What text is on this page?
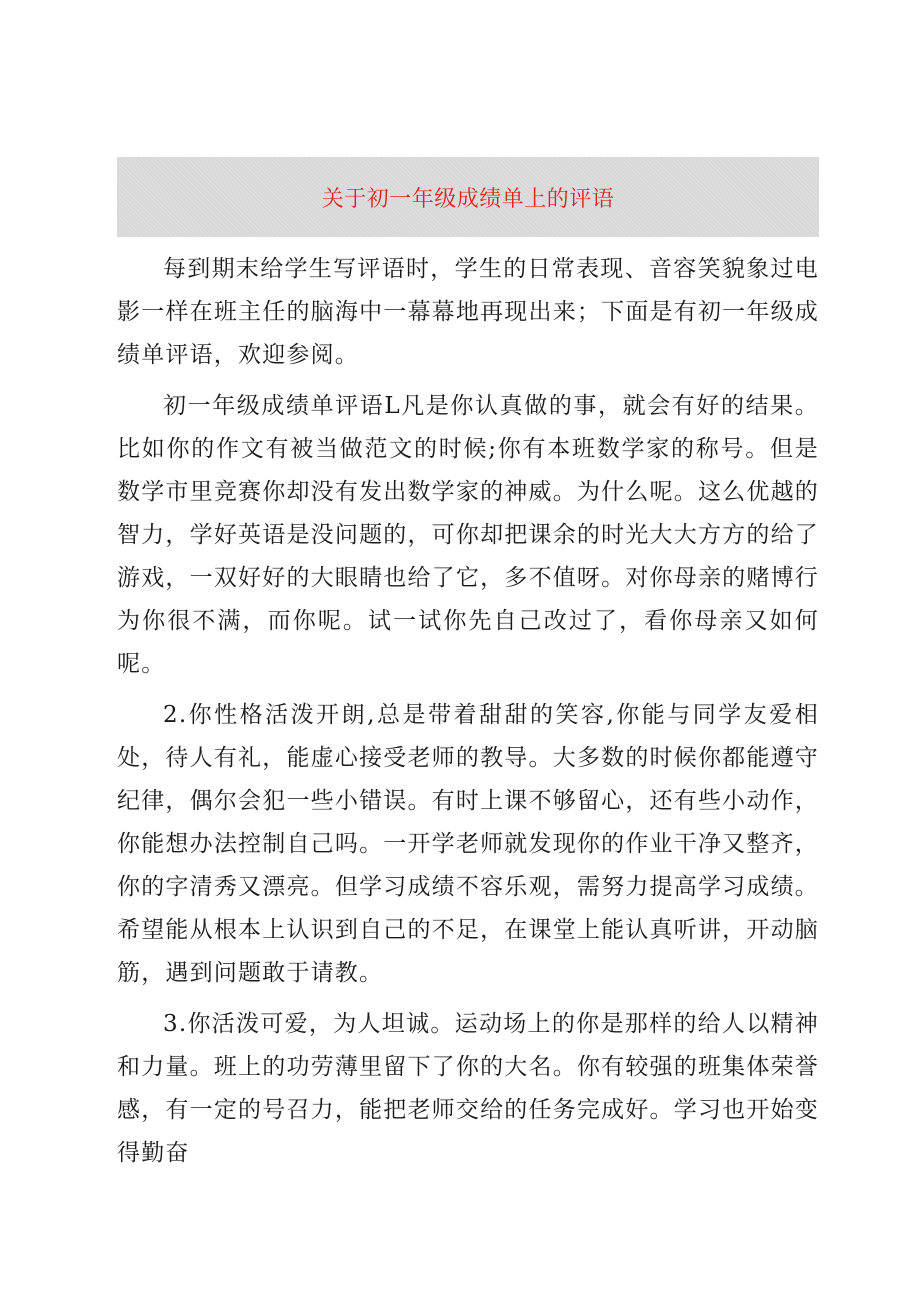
关于初一年级成绩单上的评语

每到期末给学生写评语时，学生的日常表现、音容笑貌象过电影一样在班主任的脑海中一幕幕地再现出来；下面是有初一年级成绩单评语，欢迎参阅。

初一年级成绩单评语L凡是你认真做的事，就会有好的结果。比如你的作文有被当做范文的时候;你有本班数学家的称号。但是数学市里竞赛你却没有发出数学家的神威。为什么呢。这么优越的智力，学好英语是没问题的，可你却把课余的时光大大方方的给了游戏，一双好好的大眼睛也给了它，多不值呀。对你母亲的赌博行为你很不满，而你呢。试一试你先自己改过了，看你母亲又如何呢。

2.你性格活泼开朗,总是带着甜甜的笑容,你能与同学友爱相处，待人有礼，能虚心接受老师的教导。大多数的时候你都能遵守纪律，偶尔会犯一些小错误。有时上课不够留心，还有些小动作，你能想办法控制自己吗。一开学老师就发现你的作业干净又整齐，你的字清秀又漂亮。但学习成绩不容乐观，需努力提高学习成绩。希望能从根本上认识到自己的不足，在课堂上能认真听讲，开动脑筋，遇到问题敢于请教。

3.你活泼可爱，为人坦诚。运动场上的你是那样的给人以精神和力量。班上的功劳薄里留下了你的大名。你有较强的班集体荣誉感，有一定的号召力，能把老师交给的任务完成好。学习也开始变得勤奋
